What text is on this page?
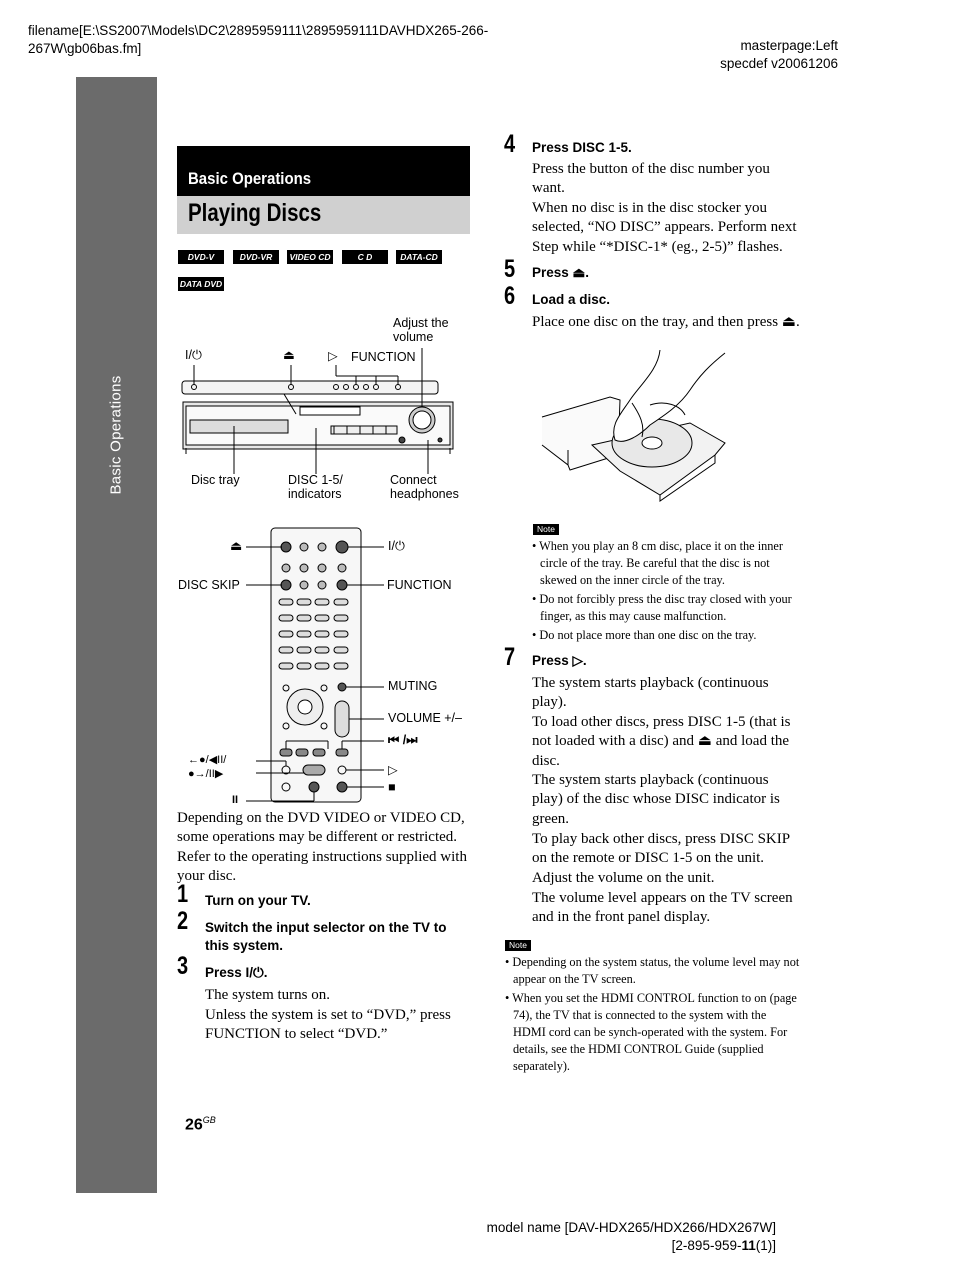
filename[E:\SS2007\Models\DC2\2895959111\2895959111DAVHDX265-266-
267W\gb06bas.fm]	masterpage:Left
specdef v20061206
Basic Operations
Basic Operations
Playing Discs
DVD-V	DVD-VR	VIDEO CD	C D	DATA-CD
DATA DVD
I/⏻	⏏	▷ FUNCTION
Adjust the
volume
Disc tray	DISC 1-5/
indicators
Connect
headphones
⏏	I/⏻
DISC SKIP	FUNCTION
MUTING
VOLUME +/–
⏮ /⏭
←●/◀II/
●→/II▶	▷
■
II
Depending on the DVD VIDEO or VIDEO CD, some operations may be different or restricted. Refer to the operating instructions supplied with your disc.
1 Turn on your TV.
2 Switch the input selector on the TV to this system.
3 Press I/⏻.
The system turns on.
Unless the system is set to “DVD,” press FUNCTION to select “DVD.”
4 Press DISC 1-5.
Press the button of the disc number you want.
When no disc is in the disc stocker you selected, “NO DISC” appears. Perform next Step while “*DISC-1* (eg., 2-5)” flashes.
5 Press ⏏.
6 Load a disc.
Place one disc on the tray, and then press ⏏.
Note
• When you play an 8 cm disc, place it on the inner circle of the tray. Be careful that the disc is not skewed on the inner circle of the tray.
• Do not forcibly press the disc tray closed with your finger, as this may cause malfunction.
• Do not place more than one disc on the tray.
7 Press ▷.
The system starts playback (continuous play).
To load other discs, press DISC 1-5 (that is not loaded with a disc) and ⏏ and load the disc.
The system starts playback (continuous play) of the disc whose DISC indicator is green.
To play back other discs, press DISC SKIP on the remote or DISC 1-5 on the unit.
Adjust the volume on the unit.
The volume level appears on the TV screen and in the front panel display.
Note
• Depending on the system status, the volume level may not appear on the TV screen.
• When you set the HDMI CONTROL function to on (page 74), the TV that is connected to the system with the HDMI cord can be synch-operated with the system. For details, see the HDMI CONTROL Guide (supplied separately).
$26^{GB}$
model name [DAV-HDX265/HDX266/HDX267W]
[2-895-959-11(1)]
